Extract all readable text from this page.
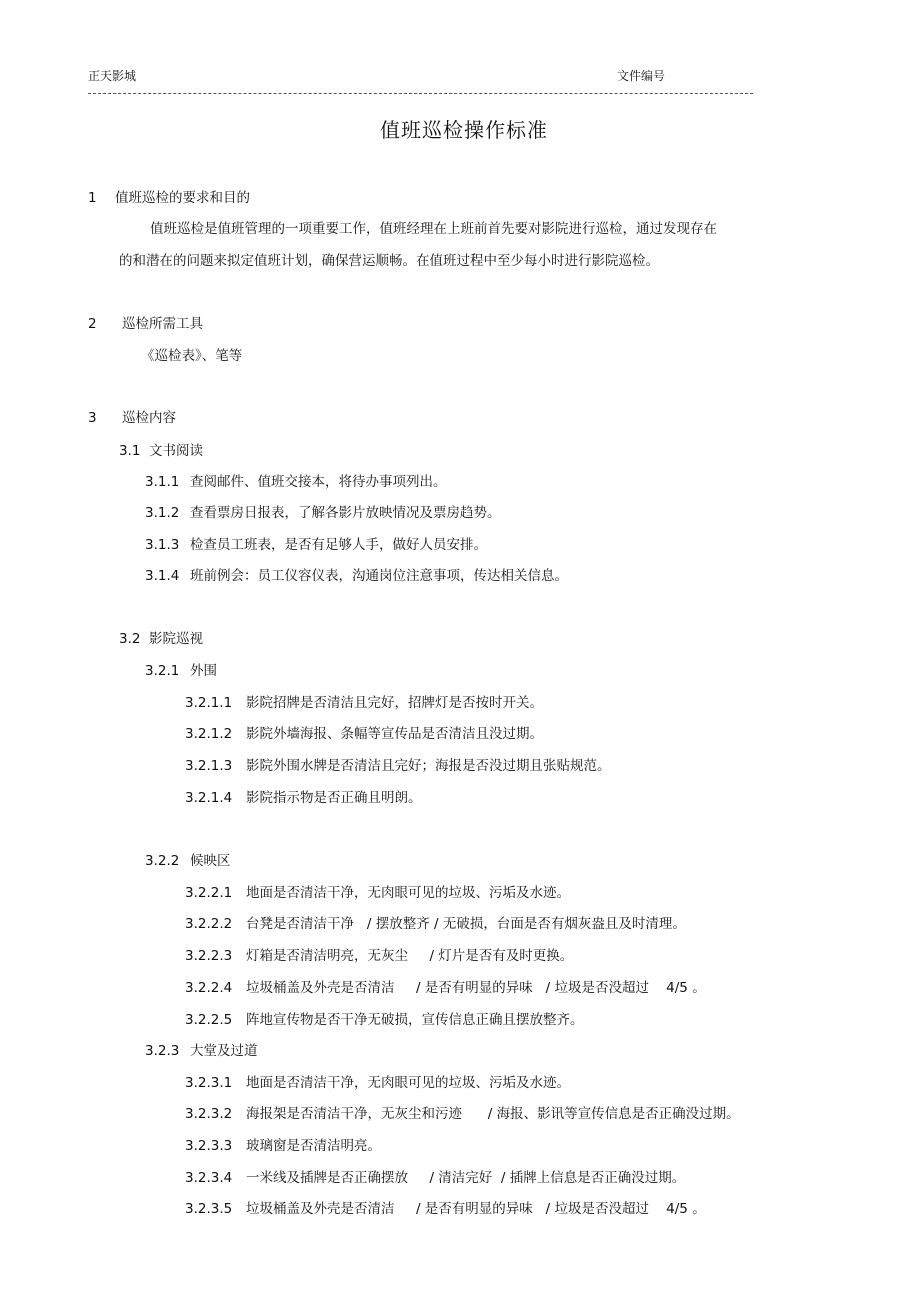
正天影城	文件编号
值班巡检操作标准
1 值班巡检的要求和目的
值班巡检是值班管理的一项重要工作，值班经理在上班前首先要对影院进行巡检，通过发现存在
的和潜在的问题来拟定值班计划，确保营运顺畅。在值班过程中至少每小时进行影院巡检。
2 巡检所需工具
《巡检表》、笔等
3 巡检内容
3.1 文书阅读
3.1.1 查阅邮件、值班交接本，将待办事项列出。
3.1.2 查看票房日报表，了解各影片放映情况及票房趋势。
3.1.3 检查员工班表，是否有足够人手，做好人员安排。
3.1.4 班前例会：员工仪容仪表，沟通岗位注意事项，传达相关信息。
3.2 影院巡视
3.2.1 外围
3.2.1.1 影院招牌是否清洁且完好，招牌灯是否按时开关。
3.2.1.2 影院外墙海报、条幅等宣传品是否清洁且没过期。
3.2.1.3 影院外围水牌是否清洁且完好；海报是否没过期且张贴规范。
3.2.1.4 影院指示物是否正确且明朗。
3.2.2 候映区
3.2.2.1 地面是否清洁干净，无肉眼可见的垃圾、污垢及水迹。
3.2.2.2 台凳是否清洁干净   / 摆放整齐 / 无破损，台面是否有烟灰盎且及时清理。
3.2.2.3 灯箱是否清洁明亮，无灰尘     / 灯片是否有及时更换。
3.2.2.4 垃圾桶盖及外壳是否清洁     / 是否有明显的异味   / 垃圾是否没超过    4/5 。
3.2.2.5 阵地宣传物是否干净无破损，宣传信息正确且摆放整齐。
3.2.3 大堂及过道
3.2.3.1 地面是否清洁干净，无肉眼可见的垃圾、污垢及水迹。
3.2.3.2 海报架是否清洁干净，无灰尘和污迹      / 海报、影讯等宣传信息是否正确没过期。
3.2.3.3 玻璃窗是否清洁明亮。
3.2.3.4 一米线及插牌是否正确摆放     / 清洁完好  / 插牌上信息是否正确没过期。
3.2.3.5 垃圾桶盖及外壳是否清洁     / 是否有明显的异味   / 垃圾是否没超过    4/5 。
